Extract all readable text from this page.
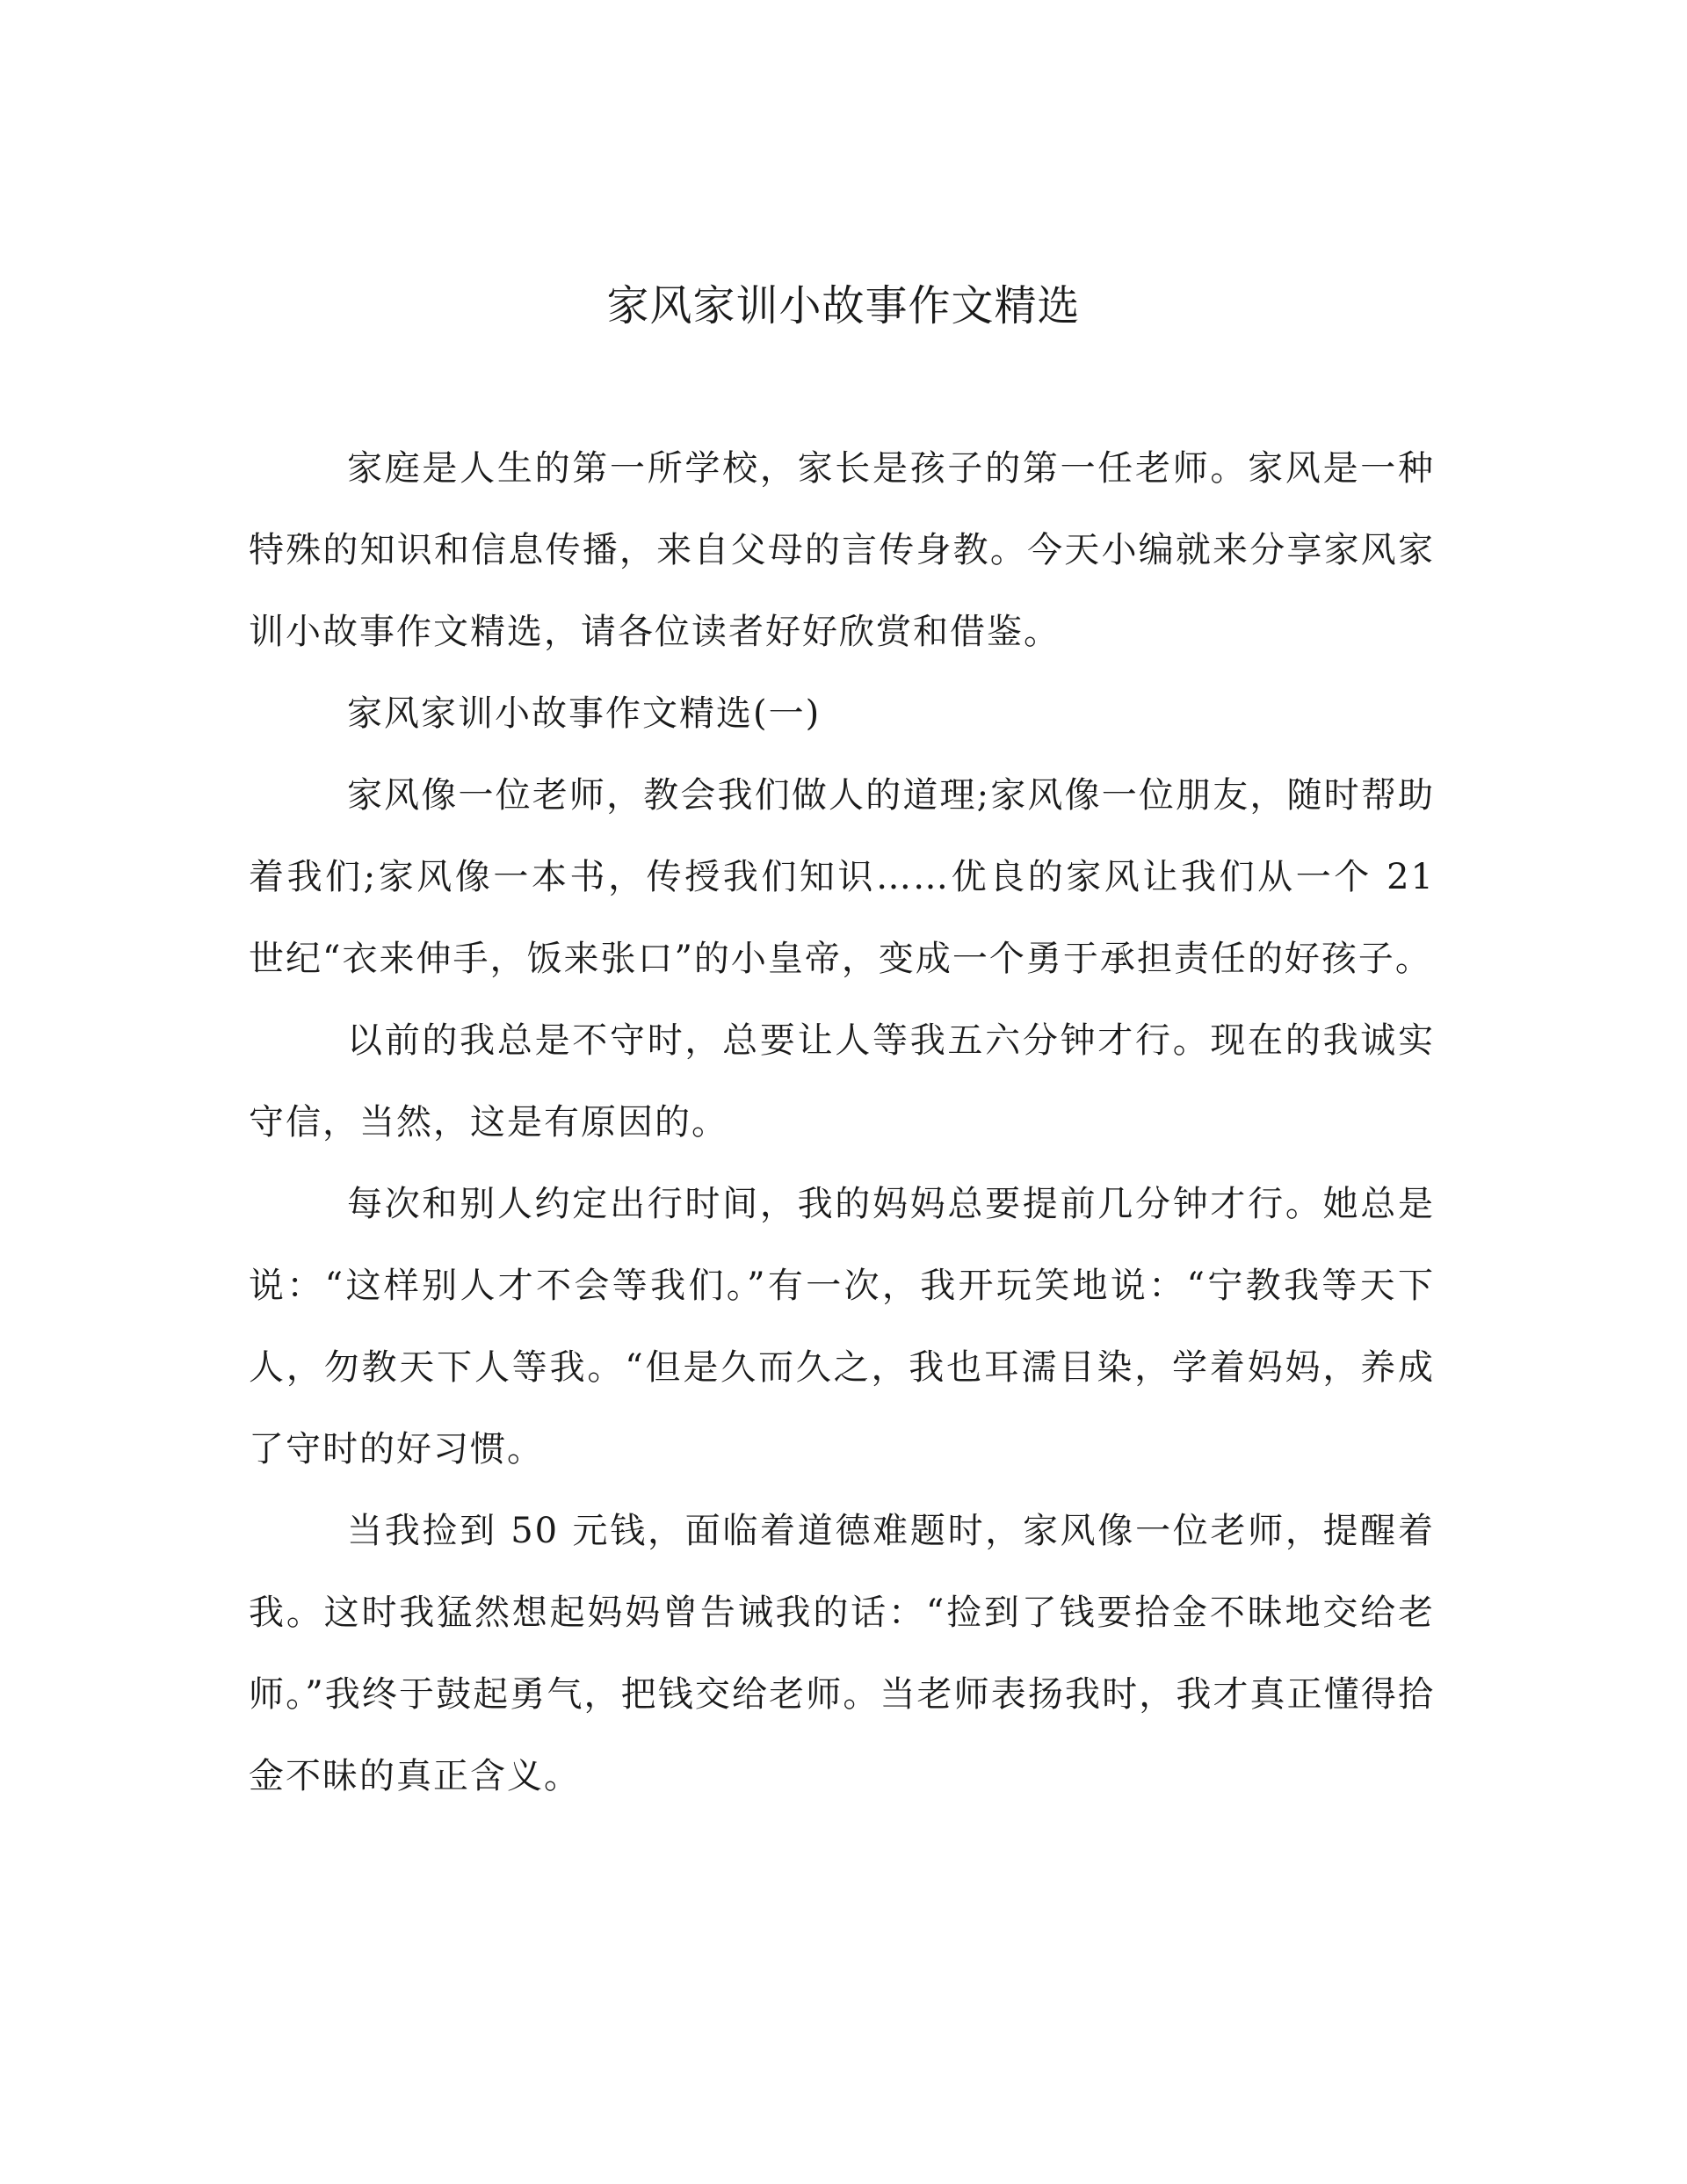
家风家训小故事作文精选

家庭是人生的第一所学校，家长是孩子的第一任老师。家风是一种特殊的知识和信息传播，来自父母的言传身教。今天小编就来分享家风家训小故事作文精选，请各位读者好好欣赏和借鉴。

家风家训小故事作文精选(一)

家风像一位老师，教会我们做人的道理;家风像一位朋友，随时帮助着我们;家风像一本书，传授我们知识……优良的家风让我们从一个 21 世纪“衣来伸手，饭来张口”的小皇帝，变成一个勇于承担责任的好孩子。

以前的我总是不守时，总要让人等我五六分钟才行。现在的我诚实守信，当然，这是有原因的。

每次和别人约定出行时间，我的妈妈总要提前几分钟才行。她总是说：“这样别人才不会等我们。”有一次，我开玩笑地说：“宁教我等天下人，勿教天下人等我。“但是久而久之，我也耳濡目染，学着妈妈，养成了守时的好习惯。

当我捡到 50 元钱，面临着道德难题时，家风像一位老师，提醒着我。这时我猛然想起妈妈曾告诫我的话：“捡到了钱要拾金不昧地交给老师。”我终于鼓起勇气，把钱交给老师。当老师表扬我时，我才真正懂得拾金不昧的真正含义。
